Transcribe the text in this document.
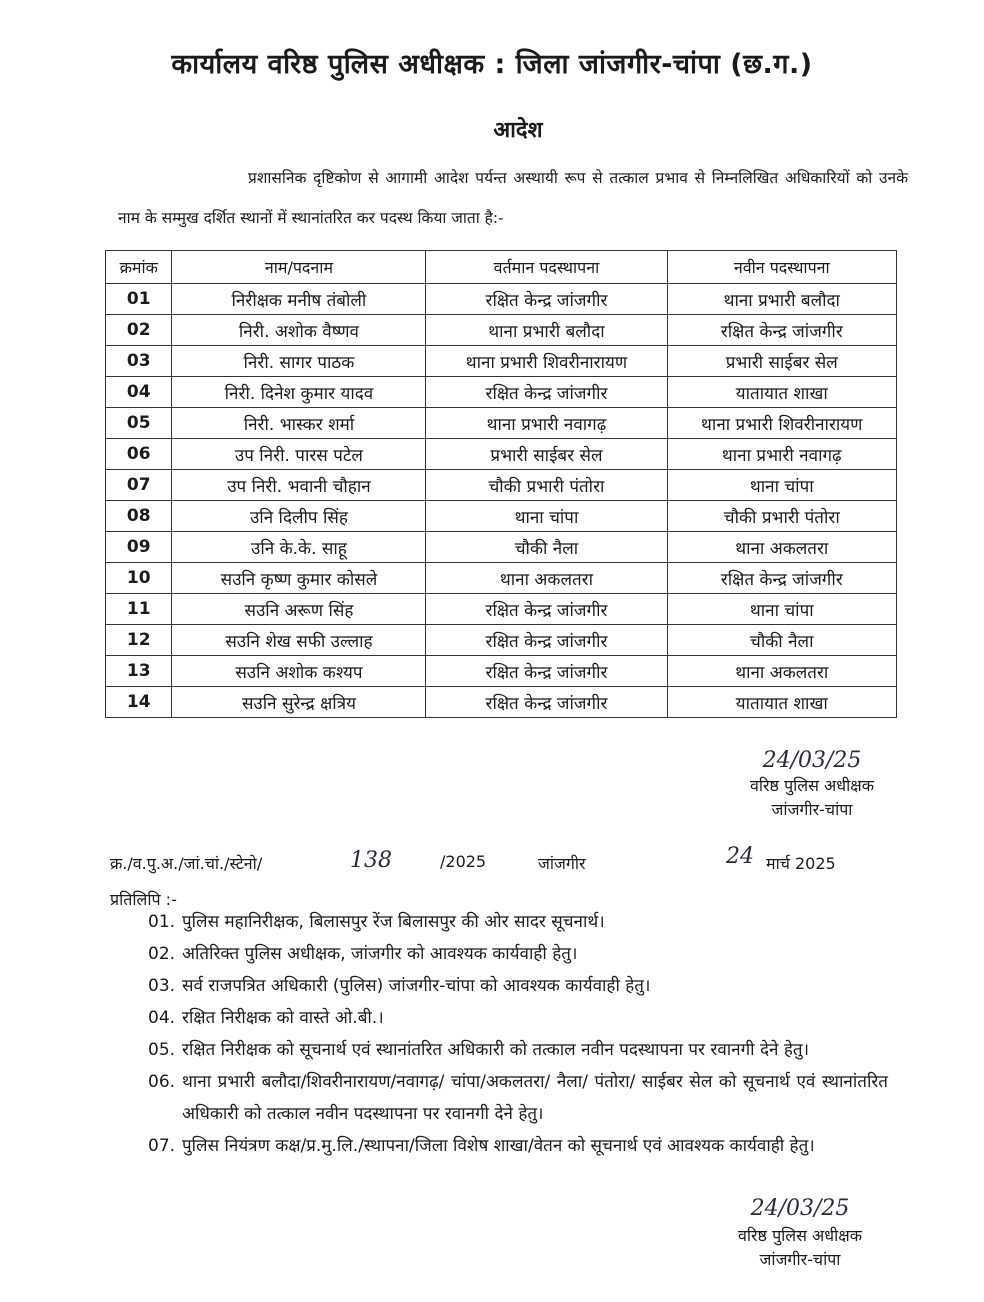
कार्यालय वरिष्ठ पुलिस अधीक्षक : जिला जांजगीर-चांपा (छ.ग.)
आदेश
प्रशासनिक दृष्टिकोण से आगामी आदेश पर्यन्त अस्थायी रूप से तत्काल प्रभाव से निम्नलिखित अधिकारियों को उनके नाम के सम्मुख दर्शित स्थानों में स्थानांतरित कर पदस्थ किया जाता है:-
क्रमांक	नाम/पदनाम	वर्तमान पदस्थापना	नवीन पदस्थापना
01	निरीक्षक मनीष तंबोली	रक्षित केन्द्र जांजगीर	थाना प्रभारी बलौदा
02	निरी. अशोक वैष्णव	थाना प्रभारी बलौदा	रक्षित केन्द्र जांजगीर
03	निरी. सागर पाठक	थाना प्रभारी शिवरीनारायण	प्रभारी साईबर सेल
04	निरी. दिनेश कुमार यादव	रक्षित केन्द्र जांजगीर	यातायात शाखा
05	निरी. भास्कर शर्मा	थाना प्रभारी नवागढ़	थाना प्रभारी शिवरीनारायण
06	उप निरी. पारस पटेल	प्रभारी साईबर सेल	थाना प्रभारी नवागढ़
07	उप निरी. भवानी चौहान	चौकी प्रभारी पंतोरा	थाना चांपा
08	उनि दिलीप सिंह	थाना चांपा	चौकी प्रभारी पंतोरा
09	उनि के.के. साहू	चौकी नैला	थाना अकलतरा
10	सउनि कृष्ण कुमार कोसले	थाना अकलतरा	रक्षित केन्द्र जांजगीर
11	सउनि अरूण सिंह	रक्षित केन्द्र जांजगीर	थाना चांपा
12	सउनि शेख सफी उल्लाह	रक्षित केन्द्र जांजगीर	चौकी नैला
13	सउनि अशोक कश्यप	रक्षित केन्द्र जांजगीर	थाना अकलतरा
14	सउनि सुरेन्द्र क्षत्रिय	रक्षित केन्द्र जांजगीर	यातायात शाखा
24/03/25
वरिष्ठ पुलिस अधीक्षक
जांजगीर-चांपा
क्र./व.पु.अ./जां.चां./स्टेनो/	138	/2025	जांजगीर	24 मार्च 2025
प्रतिलिपि :-
01. पुलिस महानिरीक्षक, बिलासपुर रेंज बिलासपुर की ओर सादर सूचनार्थ।
02. अतिरिक्त पुलिस अधीक्षक, जांजगीर को आवश्यक कार्यवाही हेतु।
03. सर्व राजपत्रित अधिकारी (पुलिस) जांजगीर-चांपा को आवश्यक कार्यवाही हेतु।
04. रक्षित निरीक्षक को वास्ते ओ.बी.।
05. रक्षित निरीक्षक को सूचनार्थ एवं स्थानांतरित अधिकारी को तत्काल नवीन पदस्थापना पर रवानगी देने हेतु।
06. थाना प्रभारी बलौदा/शिवरीनारायण/नवागढ़/ चांपा/अकलतरा/ नैला/ पंतोरा/ साईबर सेल को सूचनार्थ एवं स्थानांतरित अधिकारी को तत्काल नवीन पदस्थापना पर रवानगी देने हेतु।
07. पुलिस नियंत्रण कक्ष/प्र.मु.लि./स्थापना/जिला विशेष शाखा/वेतन को सूचनार्थ एवं आवश्यक कार्यवाही हेतु।
24/03/25
वरिष्ठ पुलिस अधीक्षक
जांजगीर-चांपा
